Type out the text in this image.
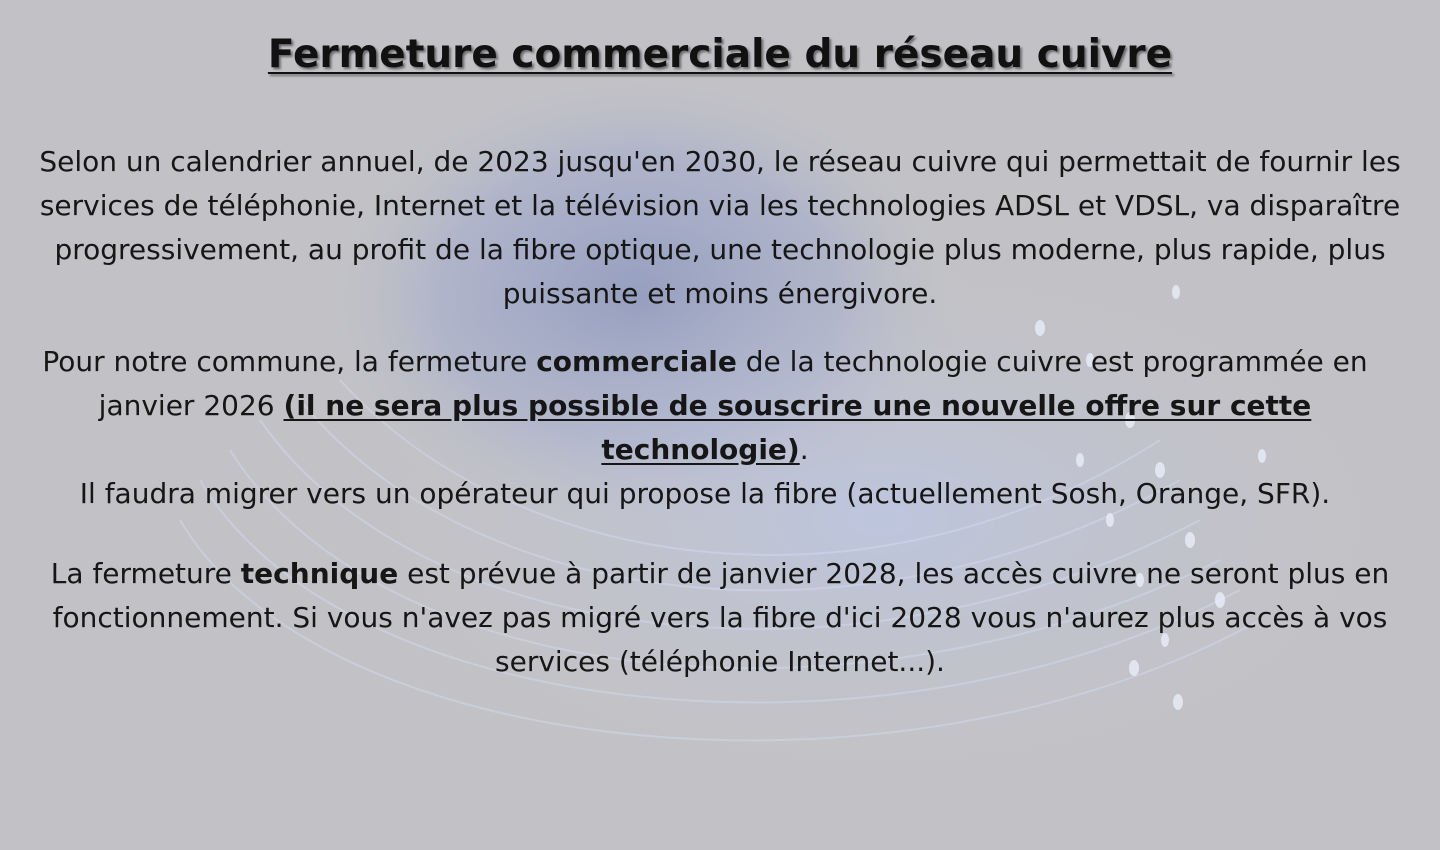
Fermeture commerciale du réseau cuivre

Selon un calendrier annuel, de 2023 jusqu'en 2030, le réseau cuivre qui permettait de fournir les services de téléphonie, Internet et la télévision via les technologies ADSL et VDSL, va disparaître progressivement, au profit de la fibre optique, une technologie plus moderne, plus rapide, plus puissante et moins énergivore.

Pour notre commune, la fermeture commerciale de la technologie cuivre est programmée en janvier 2026 (il ne sera plus possible de souscrire une nouvelle offre sur cette technologie).

Il faudra migrer vers un opérateur qui propose la fibre (actuellement Sosh, Orange, SFR).

La fermeture technique est prévue à partir de janvier 2028, les accès cuivre ne seront plus en fonctionnement. Si vous n'avez pas migré vers la fibre d'ici 2028 vous n'aurez plus accès à vos services (téléphonie Internet...).
